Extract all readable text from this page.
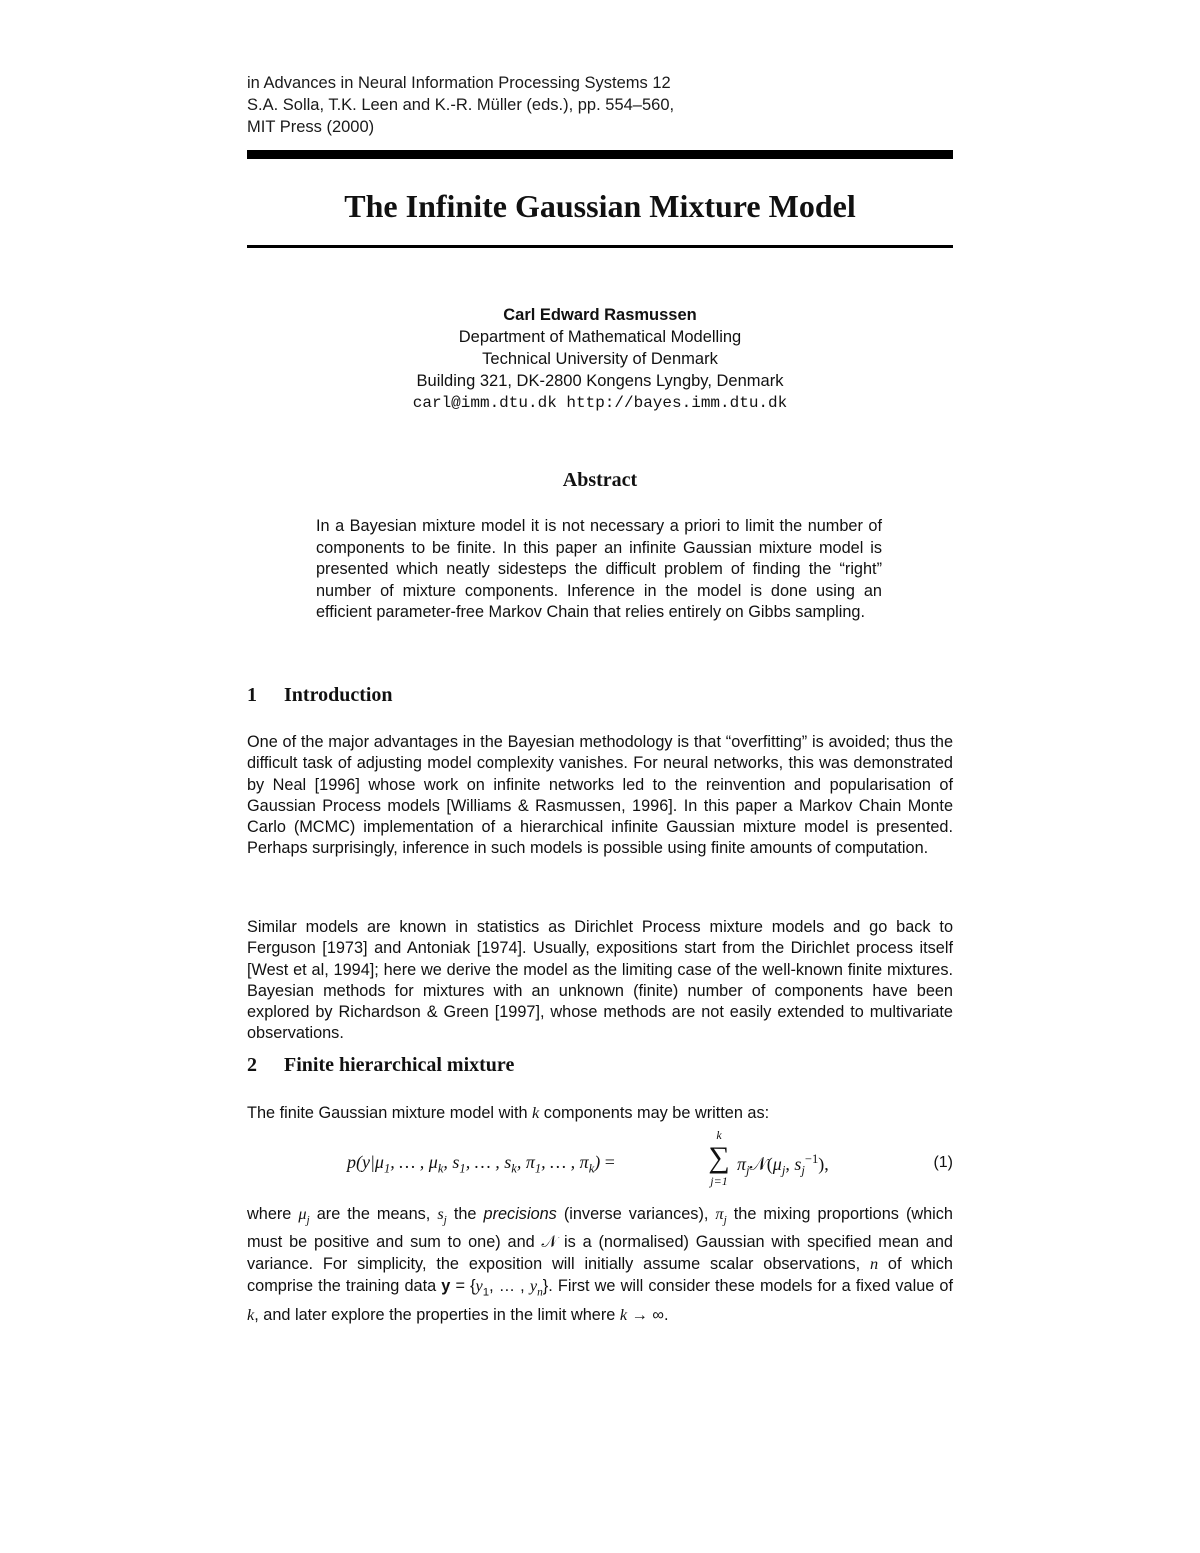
in Advances in Neural Information Processing Systems 12
S.A. Solla, T.K. Leen and K.-R. Müller (eds.), pp. 554–560,
MIT Press (2000)
The Infinite Gaussian Mixture Model
Carl Edward Rasmussen
Department of Mathematical Modelling
Technical University of Denmark
Building 321, DK-2800 Kongens Lyngby, Denmark
carl@imm.dtu.dk http://bayes.imm.dtu.dk
Abstract

In a Bayesian mixture model it is not necessary a priori to limit the number of components to be finite. In this paper an infinite Gaussian mixture model is presented which neatly sidesteps the difficult problem of finding the “right” number of mixture components. Inference in the model is done using an efficient parameter-free Markov Chain that relies entirely on Gibbs sampling.

1 Introduction

One of the major advantages in the Bayesian methodology is that “overfitting” is avoided; thus the difficult task of adjusting model complexity vanishes. For neural networks, this was demonstrated by Neal [1996] whose work on infinite networks led to the reinvention and popularisation of Gaussian Process models [Williams & Rasmussen, 1996]. In this paper a Markov Chain Monte Carlo (MCMC) implementation of a hierarchical infinite Gaussian mixture model is presented. Perhaps surprisingly, inference in such models is possible using finite amounts of computation.

Similar models are known in statistics as Dirichlet Process mixture models and go back to Ferguson [1973] and Antoniak [1974]. Usually, expositions start from the Dirichlet process itself [West et al, 1994]; here we derive the model as the limiting case of the well-known finite mixtures. Bayesian methods for mixtures with an unknown (finite) number of components have been explored by Richardson & Green [1997], whose methods are not easily extended to multivariate observations.

2 Finite hierarchical mixture

The finite Gaussian mixture model with k components may be written as:

$p(y|\mu_1$, … , $\mu_k$, $s_1$, … , $s_k$, $\pi_1$, … , $\pi_k$) =
k
∑
j=1
$\pi_j𝒩(\mu_j$, $s_j^{-1}$),	(1)

where $\mu_j$ are the means, $s_j$ the precisions (inverse variances), $\pi_j$ the mixing proportions (which must be positive and sum to one) and 𝒩 is a (normalised) Gaussian with specified mean and variance. For simplicity, the exposition will initially assume scalar observations, n of which comprise the training data $y = \{y_1$, … , $y_n$}. First we will consider these models for a fixed value of k, and later explore the properties in the limit where k → ∞.
